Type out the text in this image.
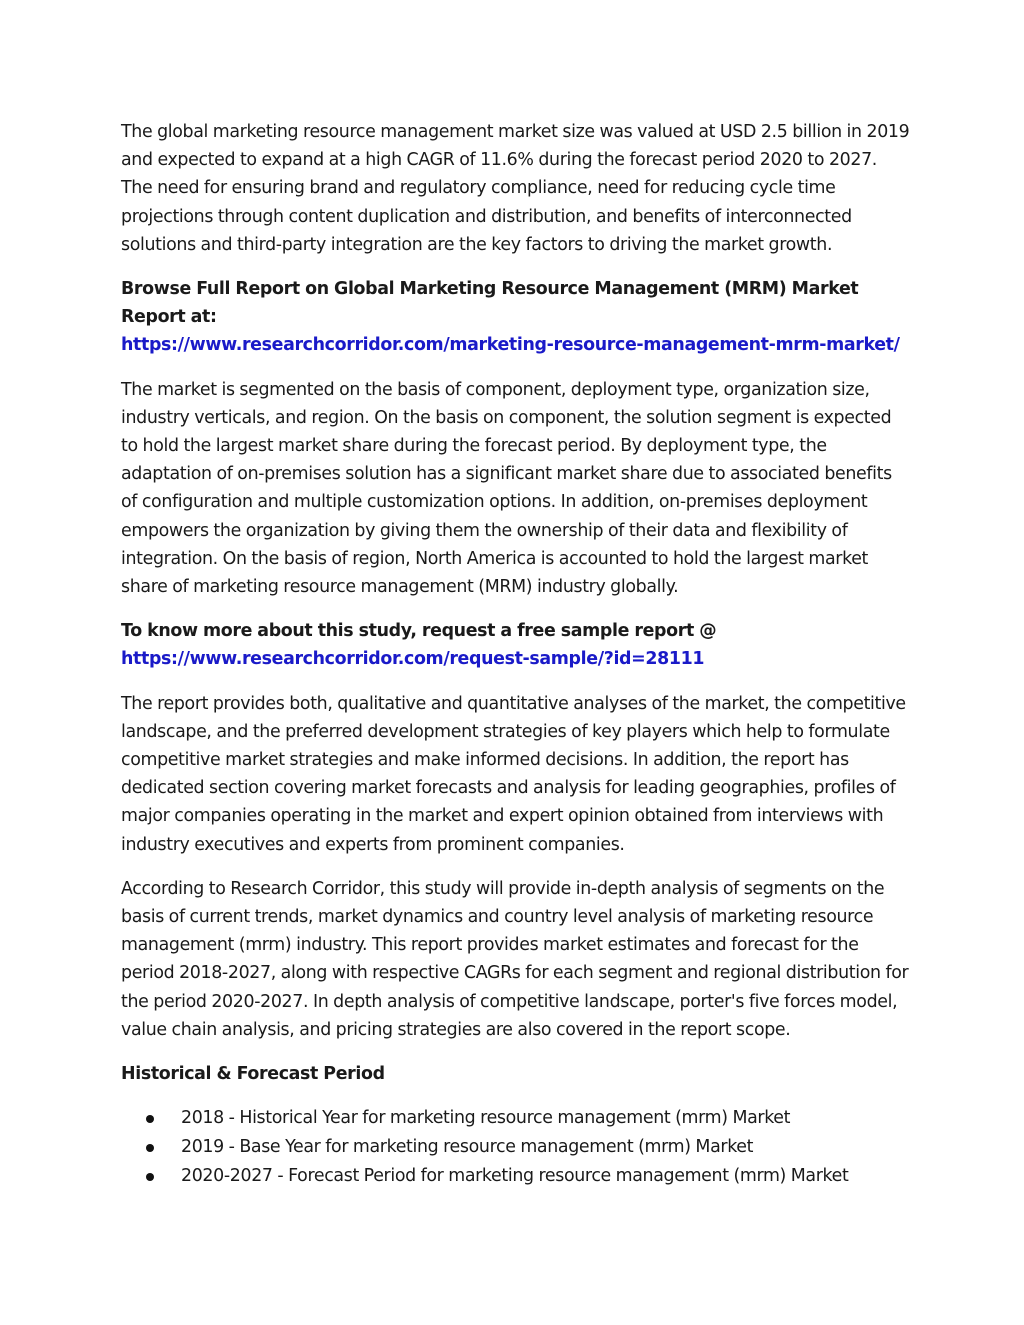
The global marketing resource management market size was valued at USD 2.5 billion in 2019 and expected to expand at a high CAGR of 11.6% during the forecast period 2020 to 2027. The need for ensuring brand and regulatory compliance, need for reducing cycle time projections through content duplication and distribution, and benefits of interconnected solutions and third-party integration are the key factors to driving the market growth.

Browse Full Report on Global Marketing Resource Management (MRM) Market Report at:

https://www.researchcorridor.com/marketing-resource-management-mrm-market/

The market is segmented on the basis of component, deployment type, organization size, industry verticals, and region. On the basis on component, the solution segment is expected to hold the largest market share during the forecast period. By deployment type, the adaptation of on-premises solution has a significant market share due to associated benefits of configuration and multiple customization options. In addition, on-premises deployment empowers the organization by giving them the ownership of their data and flexibility of integration. On the basis of region, North America is accounted to hold the largest market share of marketing resource management (MRM) industry globally.

To know more about this study, request a free sample report @

https://www.researchcorridor.com/request-sample/?id=28111

The report provides both, qualitative and quantitative analyses of the market, the competitive landscape, and the preferred development strategies of key players which help to formulate competitive market strategies and make informed decisions. In addition, the report has dedicated section covering market forecasts and analysis for leading geographies, profiles of major companies operating in the market and expert opinion obtained from interviews with industry executives and experts from prominent companies.

According to Research Corridor, this study will provide in-depth analysis of segments on the basis of current trends, market dynamics and country level analysis of marketing resource management (mrm) industry. This report provides market estimates and forecast for the period 2018-2027, along with respective CAGRs for each segment and regional distribution for the period 2020-2027. In depth analysis of competitive landscape, porter's five forces model, value chain analysis, and pricing strategies are also covered in the report scope.

Historical & Forecast Period

2018 - Historical Year for marketing resource management (mrm) Market
2019 - Base Year for marketing resource management (mrm) Market
2020-2027 - Forecast Period for marketing resource management (mrm) Market
